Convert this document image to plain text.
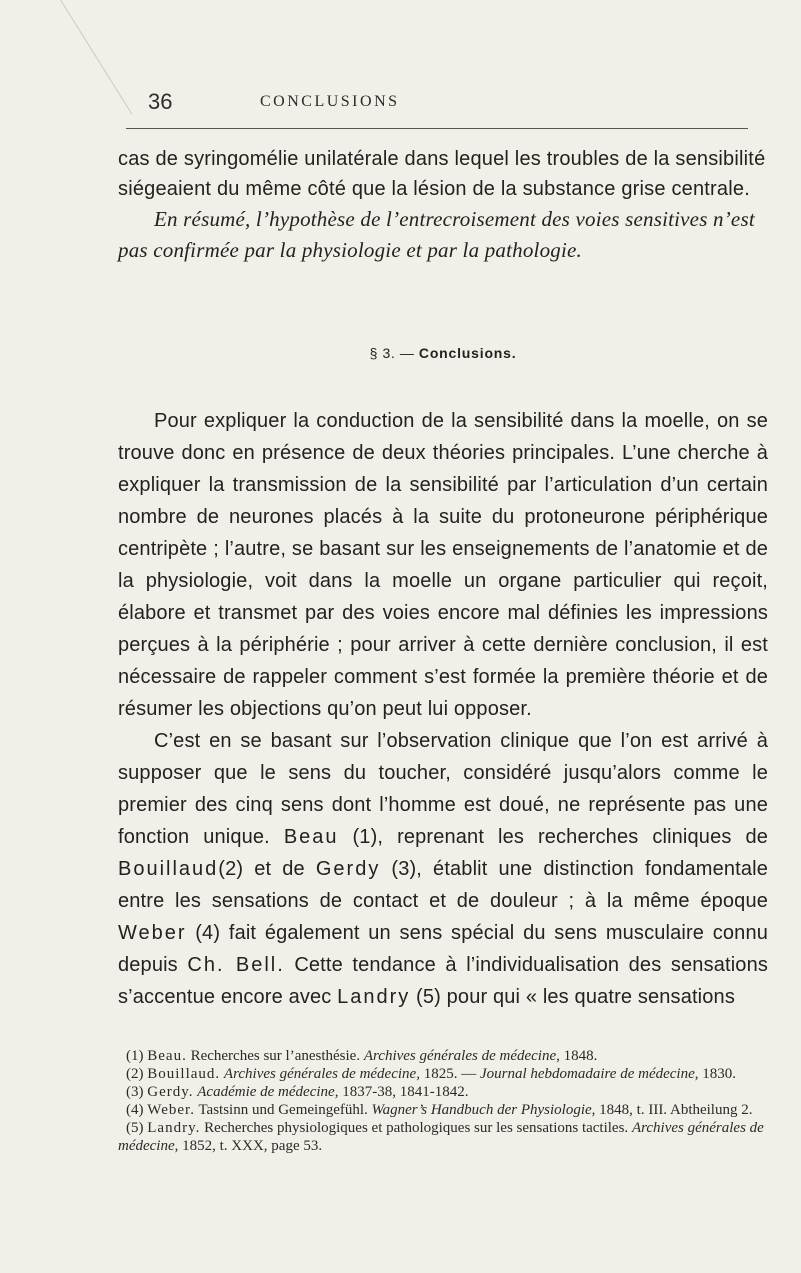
36	CONCLUSIONS
cas de syringomélie unilatérale dans lequel les troubles de la sensibilité siégeaient du même côté que la lésion de la substance grise centrale.
En résumé, l’hypothèse de l’entrecroisement des voies sensitives n’est pas confirmée par la physiologie et par la pathologie.
§ 3. — Conclusions.

Pour expliquer la conduction de la sensibilité dans la moelle, on se trouve donc en présence de deux théories principales. L’une cherche à expliquer la transmission de la sensibilité par l’articulation d’un certain nombre de neurones placés à la suite du protoneurone périphérique centripète ; l’autre, se basant sur les enseignements de l’anatomie et de la physiologie, voit dans la moelle un organe particulier qui reçoit, élabore et transmet par des voies encore mal définies les impressions perçues à la périphérie ; pour arriver à cette dernière conclusion, il est nécessaire de rappeler comment s’est formée la première théorie et de résumer les objections qu’on peut lui opposer.

C’est en se basant sur l’observation clinique que l’on est arrivé à supposer que le sens du toucher, considéré jusqu’alors comme le premier des cinq sens dont l’homme est doué, ne représente pas une fonction unique. Beau (1), reprenant les recherches cliniques de Bouillaud(2) et de Gerdy (3), établit une distinction fondamentale entre les sensations de contact et de douleur ; à la même époque Weber (4) fait également un sens spécial du sens musculaire connu depuis Ch. Bell. Cette tendance à l’individualisation des sensations s’accentue encore avec Landry (5) pour qui « les quatre sensations

(1) Beau. Recherches sur l’anesthésie. Archives générales de médecine, 1848.

(2) Bouillaud. Archives générales de médecine, 1825. — Journal hebdomadaire de médecine, 1830.

(3) Gerdy. Académie de médecine, 1837-38, 1841-1842.

(4) Weber. Tastsinn und Gemeingefühl. Wagner’s Handbuch der Physiologie, 1848, t. III. Abtheilung 2.

(5) Landry. Recherches physiologiques et pathologiques sur les sensations tactiles. Archives générales de médecine, 1852, t. XXX, page 53.
